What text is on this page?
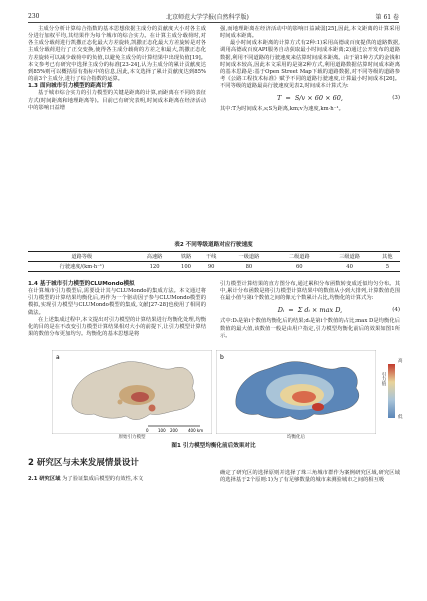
230	北京师范大学学报(自然科学版)	第 61 卷

主成分分析计算综合指数的基本思想依据主成分的贡献度大小对各主成分进行加权平均,其结果作为每个城市的综合实力。在计算主成分载荷时,对各主成分载荷进行凯撒正态化最大方差旋转,凯撒正态化最大方差旋转是对各主成分载荷进行了正交变换,使得各主成分载荷的方差之和最大,凯撒正态化方差旋转可以减少载荷中的负值,以避免主成分的计算结果中出现负值[19]。本文参考已有研究中选择主成分的标准[23-24],认为主成分的累计贡献度达到85%则可以概括原有指标中的信息,因此,本文选择了累计贡献度达到85%的前3个主成分,进行了综合指数的运算。

1.3 面向城市引力模型的距离计算

基于城市综合实力的引力模型的关键是距离的计算,而距离在不同的表征方式(时间距离和地理距离等)。目前已有研究表明,时间成本距离在经济活动中的影响日益增

强,而地理距离在经济活动中的影响日益减弱[25],因此,本文距离的计算采用时间成本距离。

最小时间成本距离的计算方式有2种:1)采用高德或百度提供的道路数据,调用高德或百度API服务自动获取最小时间成本距离;2)通过公开发布的道路数据,利用不同道路的行驶速度来估算时间成本距离。由于第1种方式的金钱和时间成本较高,因此本文采用的是第2种方式,利用道路数据估算时间成本距离的基本思路是:基于Open Street Map下载的道路数据,对不同等级的道路参考《公路工程技术标准》赋予不同的道路行驶速度,计算最小时间成本[26]。不同等级的道路最高行驶速度见表2,时间成本计算式为:

T = S/v × 60 × 60,	(3)

其中:T为时间成本,s;S为距离,km;v为速度,km·h⁻¹。

表2 不同等级道路对应行驶速度
道路等级	高速路	铁路	干线	一级道路	二级道路	三级道路	其他
行驶速度/(km·h⁻¹)	120	100	90	80	60	40	5
1.4 基于城市引力模型的CLUMondo模拟

在计算城市引力模型后,需要设计其与CLUMondo的集成方法。本文通过将引力模型的计算结果均衡化后,再作为一个驱动因子参与CLUMondo模型的模拟,实现引力模型与CLUMondo模型的集成,文献[27-28]也使用了相同的做法。

在上述集成过程中,本文提出对引力模型的计算结果进行均衡化处理,均衡化的目的是在不改变引力模型计算结果相对大小的前提下,让引力模型计算结果的数值分布更加均匀。均衡化的基本思想是将

引力模型计算结果的直方图分布,通过累积分布函数转变成近似均匀分布。其中,累计分布函数是将引力模型计算结果中的数值从小到大排列,计算数值范围在最小值与第i个数值之间的像元个数累计占比,均衡化的计算式为:

Dᵢ = Σ dᵢ × max D,	(4)

式中:Dᵢ是第i个数值均衡化后的结果;dᵢ是第i个数值的占比;max D是均衡化后数值的最大值,该数值一般是由用户指定,引力模型均衡化前后的效果如图1所示。

a
0 100 200	400 km
b
引力值
高
低
原始引力模型	均衡化后
图1 引力模型均衡化前后效果对比
2 研究区与未来发展情景设计

2.1 研究区域 为了验证集成后模型的有效性,本文

确定了研究区的选择原则并选择了珠三角城市群作为案例研究区域,研究区域的选择基于2个原则:1)为了有足够数量的城市来测验城市之间的相互吸
